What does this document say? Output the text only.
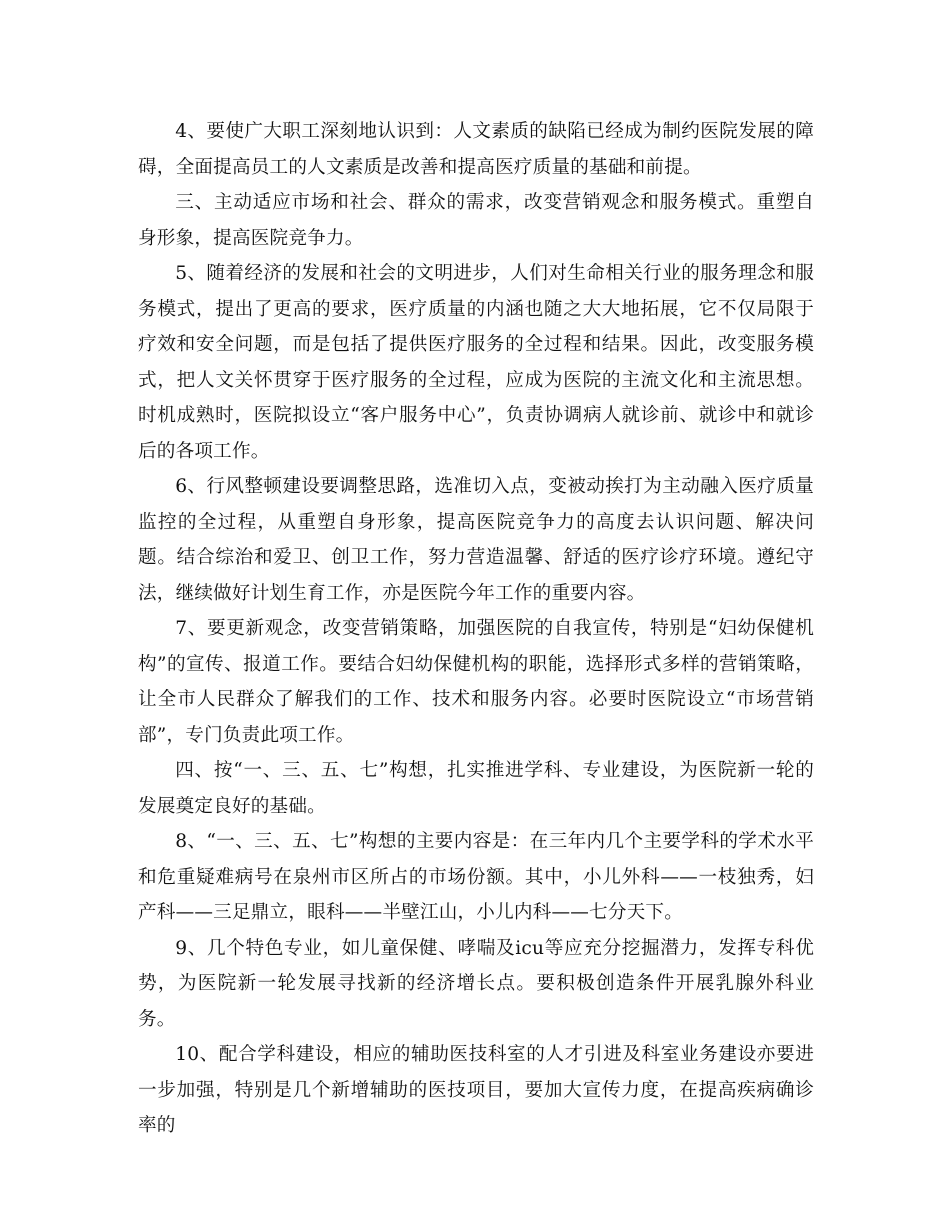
4、要使广大职工深刻地认识到：人文素质的缺陷已经成为制约医院发展的障碍，全面提高员工的人文素质是改善和提高医疗质量的基础和前提。

三、主动适应市场和社会、群众的需求，改变营销观念和服务模式。重塑自身形象，提高医院竞争力。

5、随着经济的发展和社会的文明进步，人们对生命相关行业的服务理念和服务模式，提出了更高的要求，医疗质量的内涵也随之大大地拓展，它不仅局限于疗效和安全问题，而是包括了提供医疗服务的全过程和结果。因此，改变服务模式，把人文关怀贯穿于医疗服务的全过程，应成为医院的主流文化和主流思想。时机成熟时，医院拟设立“客户服务中心”，负责协调病人就诊前、就诊中和就诊后的各项工作。

6、行风整顿建设要调整思路，选准切入点，变被动挨打为主动融入医疗质量监控的全过程，从重塑自身形象，提高医院竞争力的高度去认识问题、解决问题。结合综治和爱卫、创卫工作，努力营造温馨、舒适的医疗诊疗环境。遵纪守法，继续做好计划生育工作，亦是医院今年工作的重要内容。

7、要更新观念，改变营销策略，加强医院的自我宣传，特别是“妇幼保健机构”的宣传、报道工作。要结合妇幼保健机构的职能，选择形式多样的营销策略，让全市人民群众了解我们的工作、技术和服务内容。必要时医院设立“市场营销部”，专门负责此项工作。

四、按“一、三、五、七”构想，扎实推进学科、专业建设，为医院新一轮的发展奠定良好的基础。

8、“一、三、五、七”构想的主要内容是：在三年内几个主要学科的学术水平和危重疑难病号在泉州市区所占的市场份额。其中，小儿外科——一枝独秀，妇产科——三足鼎立，眼科——半壁江山，小儿内科——七分天下。

9、几个特色专业，如儿童保健、哮喘及icu等应充分挖掘潜力，发挥专科优势，为医院新一轮发展寻找新的经济增长点。要积极创造条件开展乳腺外科业务。

10、配合学科建设，相应的辅助医技科室的人才引进及科室业务建设亦要进一步加强，特别是几个新增辅助的医技项目，要加大宣传力度，在提高疾病确诊率的
